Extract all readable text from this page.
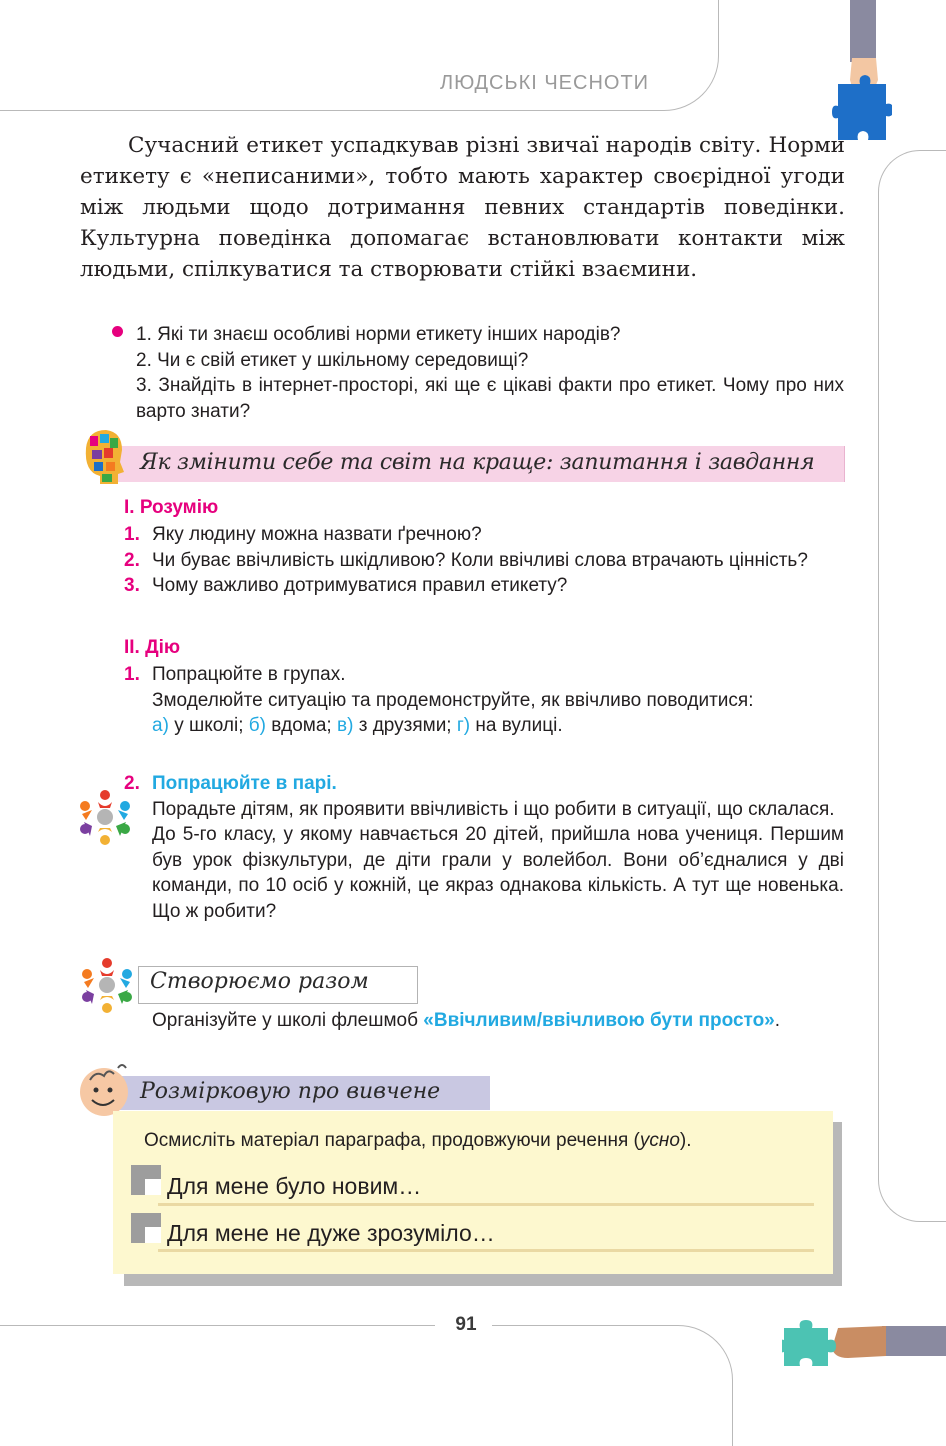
ЛЮДСЬКІ ЧЕСНОТИ

Сучасний етикет успадкував різні звичаї народів світу. Норми етикету є «неписаними», тобто мають характер своєрідної угоди між людьми щодо дотримання певних стандартів поведінки. Культурна поведінка допомагає встановлювати контакти між людьми, спілкуватися та створювати стійкі взаємини.

1. Які ти знаєш особливі норми етикету інших народів?
2. Чи є свій етикет у шкільному середовищі?
3. Знайдіть в інтернет-просторі, які ще є цікаві факти про етикет. Чому про них варто знати?
Як змінити себе та світ на краще: запитання і завдання
І. Розумію
1. Яку людину можна назвати ґречною?
2. Чи буває ввічливість шкідливою? Коли ввічливі слова втрачають цінність?
3. Чому важливо дотримуватися правил етикету?
ІІ. Дію
1. Попрацюйте в групах.
Змоделюйте ситуацію та продемонструйте, як ввічливо поводитися:
а) у школі; б) вдома; в) з друзями; г) на вулиці.
2. Попрацюйте в парі.
Порадьте дітям, як проявити ввічливість і що робити в ситуації, що склалася.
До 5-го класу, у якому навчається 20 дітей, прийшла нова учениця. Першим був урок фізкультури, де діти грали у волейбол. Вони об’єдналися у дві команди, по 10 осіб у кожній, це якраз однакова кількість. А тут ще новенька. Що ж робити?
Створюємо разом
Організуйте у школі флешмоб «Ввічливим/ввічливою бути просто».
Розмірковую про вивчене
Осмисліть матеріал параграфа, продовжуючи речення (усно).
Для мене було новим…
Для мене не дуже зрозуміло…
91
